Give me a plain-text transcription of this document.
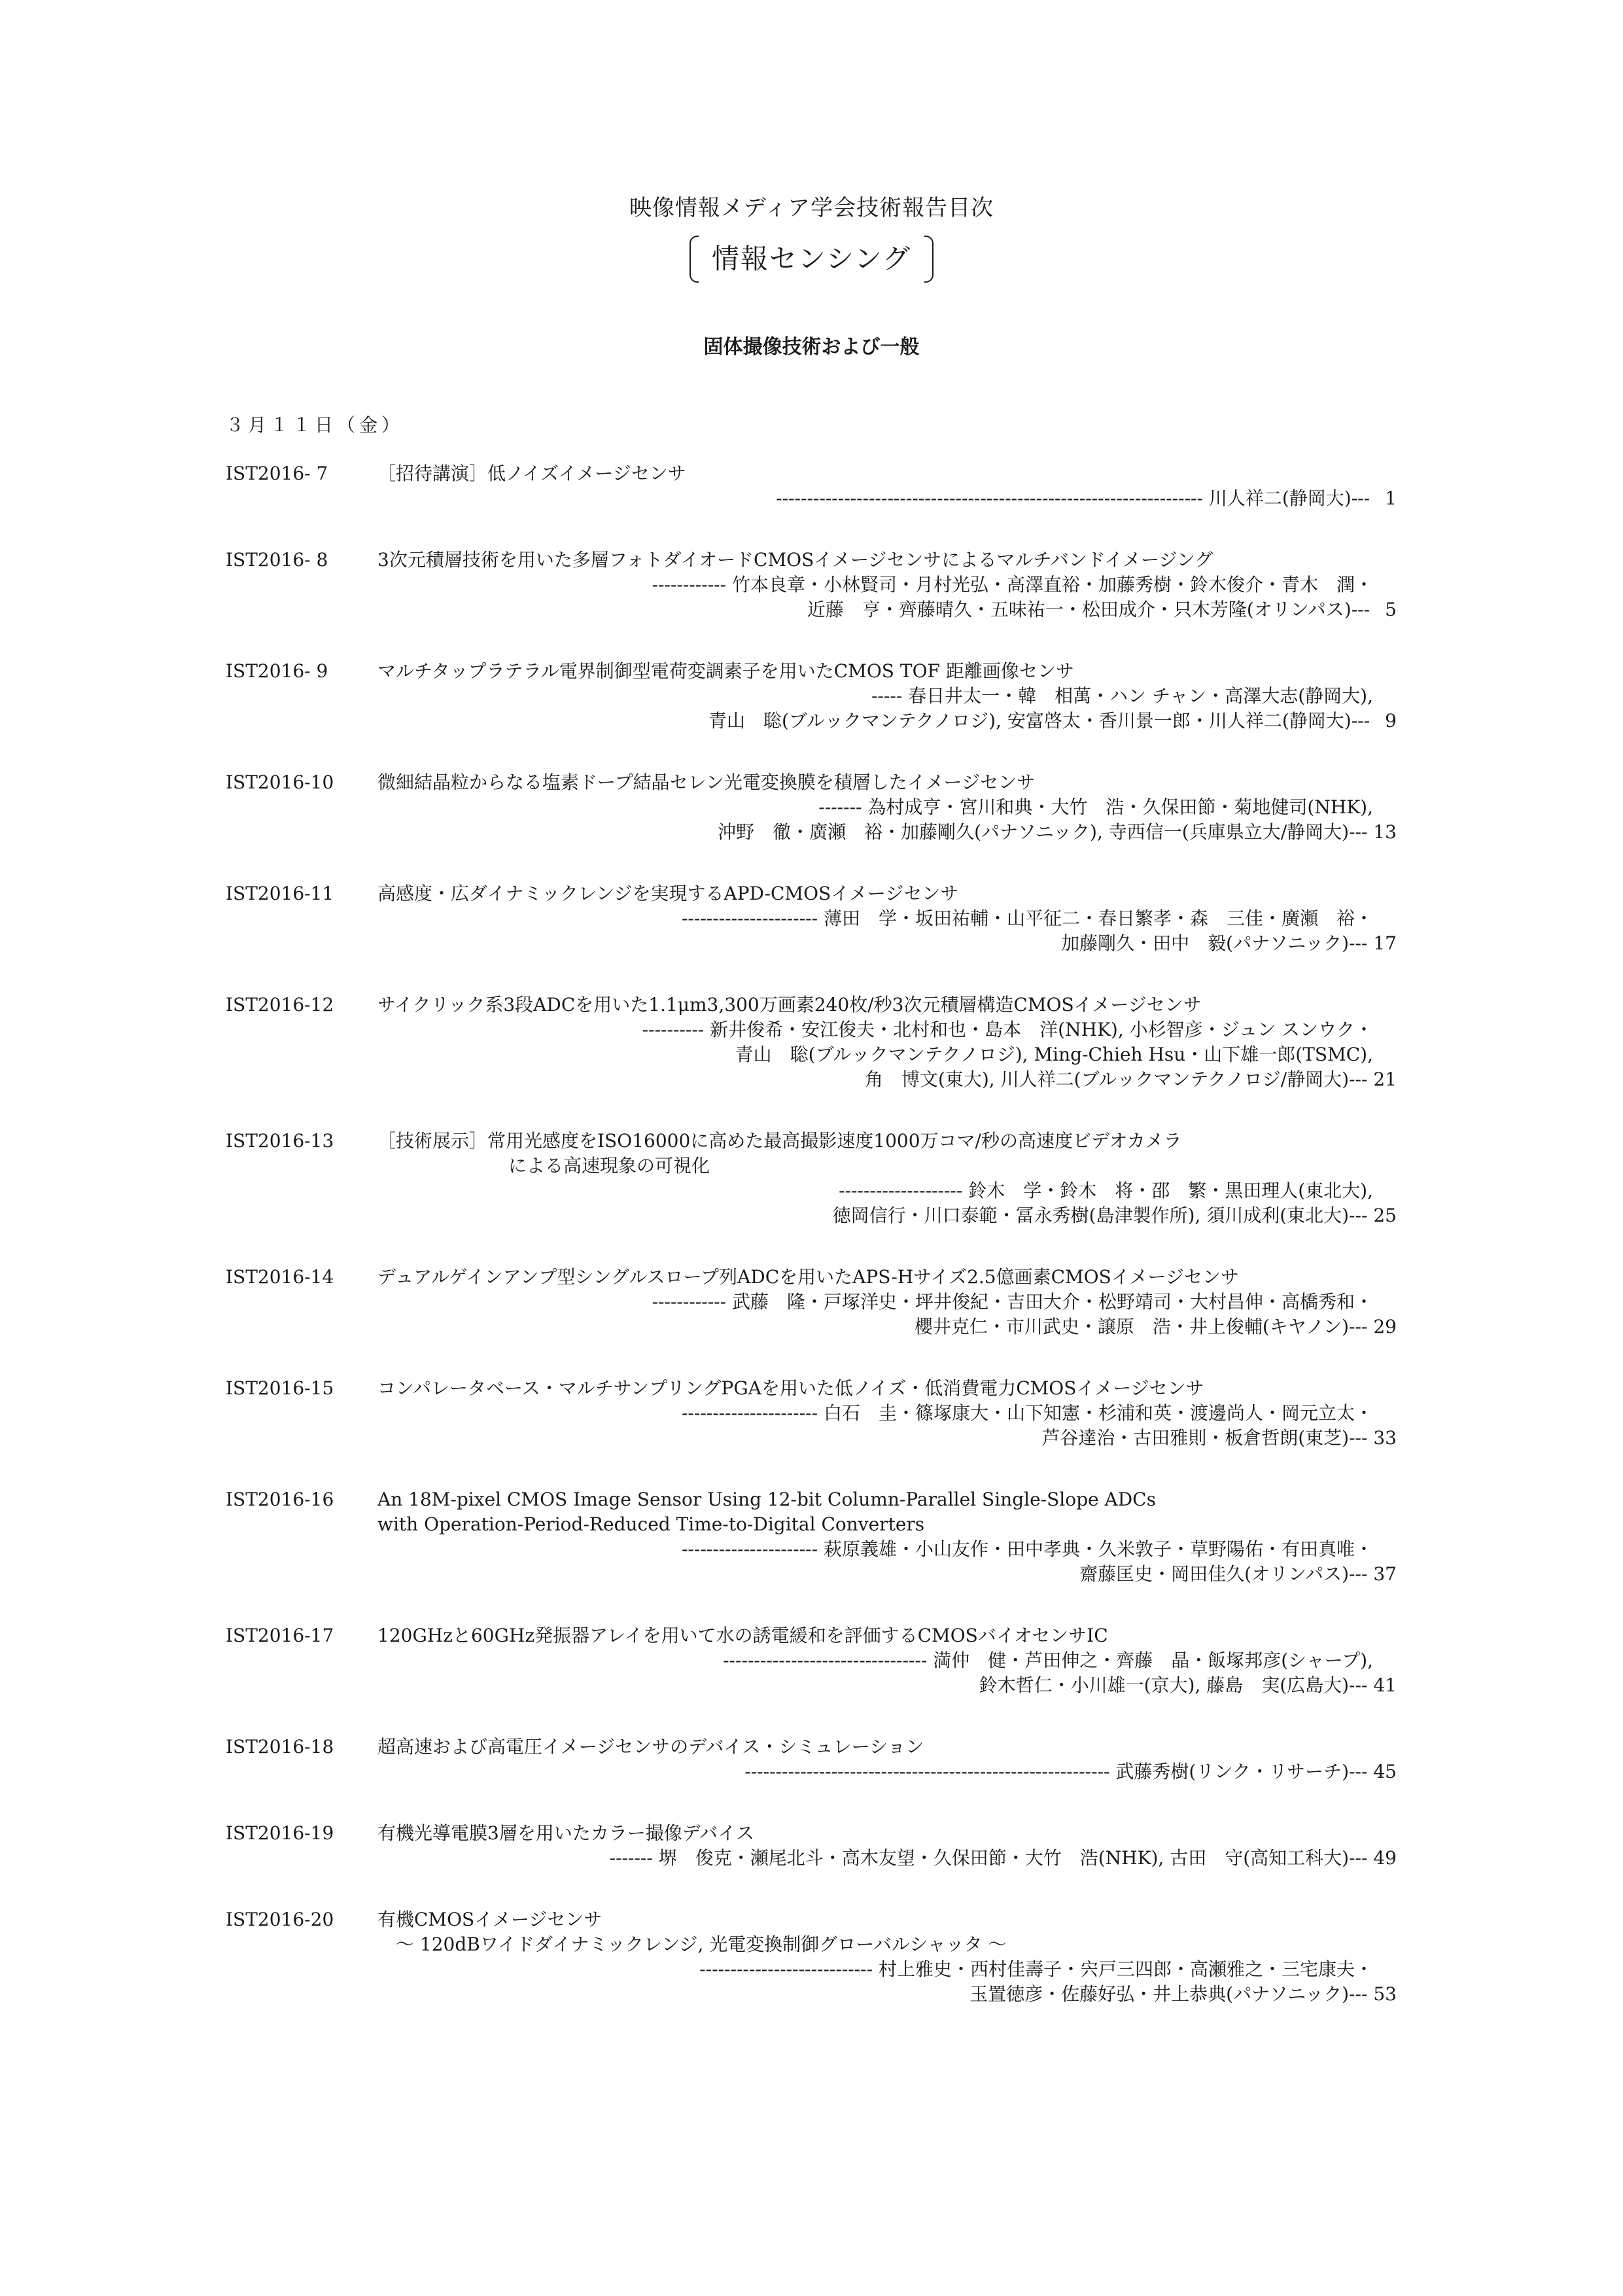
映像情報メディア学会技術報告目次
情報センシング
固体撮像技術および一般
３月１１日（金）
IST2016- 7	［招待講演］低ノイズイメージセンサ
--------------------------------------------------------------------- 川人祥二(静岡大)--- 1
IST2016- 8	3次元積層技術を用いた多層フォトダイオードCMOSイメージセンサによるマルチバンドイメージング
------------ 竹本良章・小林賢司・月村光弘・高澤直裕・加藤秀樹・鈴木俊介・青木　潤・
近藤　亨・齊藤晴久・五味祐一・松田成介・只木芳隆(オリンパス)--- 5
IST2016- 9	マルチタップラテラル電界制御型電荷変調素子を用いたCMOS TOF 距離画像センサ
----- 春日井太一・韓　相萬・ハン チャン・高澤大志(静岡大),
青山　聡(ブルックマンテクノロジ), 安富啓太・香川景一郎・川人祥二(静岡大)--- 9
IST2016-10	微細結晶粒からなる塩素ドープ結晶セレン光電変換膜を積層したイメージセンサ
------- 為村成亨・宮川和典・大竹　浩・久保田節・菊地健司(NHK),
沖野　徹・廣瀬　裕・加藤剛久(パナソニック), 寺西信一(兵庫県立大/静岡大)--- 13
IST2016-11	高感度・広ダイナミックレンジを実現するAPD-CMOSイメージセンサ
---------------------- 薄田　学・坂田祐輔・山平征二・春日繁孝・森　三佳・廣瀬　裕・
加藤剛久・田中　毅(パナソニック)--- 17
IST2016-12	サイクリック系3段ADCを用いた1.1μm3,300万画素240枚/秒3次元積層構造CMOSイメージセンサ
---------- 新井俊希・安江俊夫・北村和也・島本　洋(NHK), 小杉智彦・ジュン スンウク・
青山　聡(ブルックマンテクノロジ), Ming-Chieh Hsu・山下雄一郎(TSMC),
角　博文(東大), 川人祥二(ブルックマンテクノロジ/静岡大)--- 21
IST2016-13	［技術展示］常用光感度をISO16000に高めた最高撮影速度1000万コマ/秒の高速度ビデオカメラ
による高速現象の可視化
-------------------- 鈴木　学・鈴木　将・邵　繁・黒田理人(東北大),
徳岡信行・川口泰範・冨永秀樹(島津製作所), 須川成利(東北大)--- 25
IST2016-14	デュアルゲインアンプ型シングルスロープ列ADCを用いたAPS-Hサイズ2.5億画素CMOSイメージセンサ
------------ 武藤　隆・戸塚洋史・坪井俊紀・吉田大介・松野靖司・大村昌伸・高橋秀和・
櫻井克仁・市川武史・譲原　浩・井上俊輔(キヤノン)--- 29
IST2016-15	コンパレータベース・マルチサンプリングPGAを用いた低ノイズ・低消費電力CMOSイメージセンサ
---------------------- 白石　圭・篠塚康大・山下知憲・杉浦和英・渡邊尚人・岡元立太・
芦谷達治・古田雅則・板倉哲朗(東芝)--- 33
IST2016-16	An 18M-pixel CMOS Image Sensor Using 12-bit Column-Parallel Single-Slope ADCs
with Operation-Period-Reduced Time-to-Digital Converters
---------------------- 萩原義雄・小山友作・田中孝典・久米敦子・草野陽佑・有田真唯・
齋藤匡史・岡田佳久(オリンパス)--- 37
IST2016-17	120GHzと60GHz発振器アレイを用いて水の誘電緩和を評価するCMOSバイオセンサIC
--------------------------------- 満仲　健・芦田伸之・齊藤　晶・飯塚邦彦(シャープ),
鈴木哲仁・小川雄一(京大), 藤島　実(広島大)--- 41
IST2016-18	超高速および高電圧イメージセンサのデバイス・シミュレーション
----------------------------------------------------------- 武藤秀樹(リンク・リサーチ)--- 45
IST2016-19	有機光導電膜3層を用いたカラー撮像デバイス
------- 堺　俊克・瀬尾北斗・高木友望・久保田節・大竹　浩(NHK), 古田　守(高知工科大)--- 49
IST2016-20	有機CMOSイメージセンサ
　～ 120dBワイドダイナミックレンジ, 光電変換制御グローバルシャッタ ～
---------------------------- 村上雅史・西村佳壽子・宍戸三四郎・高瀬雅之・三宅康夫・
玉置徳彦・佐藤好弘・井上恭典(パナソニック)--- 53
